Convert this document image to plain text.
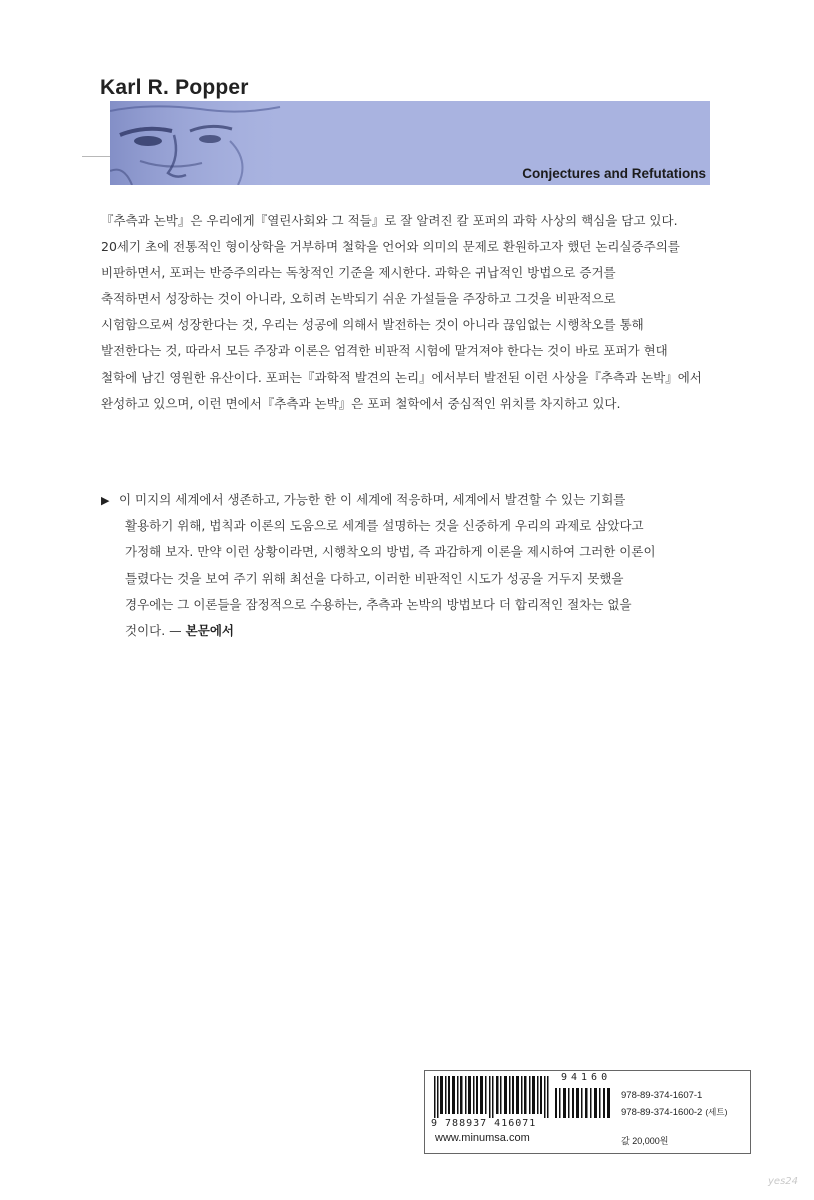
Karl R. Popper
Conjectures and Refutations
『추측과 논박』은 우리에게『열린사회와 그 적들』로 잘 알려진 칼 포퍼의 과학 사상의 핵심을 담고 있다.
20세기 초에 전통적인 형이상학을 거부하며 철학을 언어와 의미의 문제로 환원하고자 했던 논리실증주의를
비판하면서, 포퍼는 반증주의라는 독창적인 기준을 제시한다. 과학은 귀납적인 방법으로 증거를
축적하면서 성장하는 것이 아니라, 오히려 논박되기 쉬운 가설들을 주장하고 그것을 비판적으로
시험함으로써 성장한다는 것, 우리는 성공에 의해서 발전하는 것이 아니라 끊임없는 시행착오를 통해
발전한다는 것, 따라서 모든 주장과 이론은 엄격한 비판적 시험에 맡겨져야 한다는 것이 바로 포퍼가 현대
철학에 남긴 영원한 유산이다. 포퍼는『과학적 발견의 논리』에서부터 발전된 이런 사상을『추측과 논박』에서
완성하고 있으며, 이런 면에서『추측과 논박』은 포퍼 철학에서 중심적인 위치를 차지하고 있다.
▶ 이 미지의 세계에서 생존하고, 가능한 한 이 세계에 적응하며, 세계에서 발견할 수 있는 기회를
활용하기 위해, 법칙과 이론의 도움으로 세계를 설명하는 것을 신중하게 우리의 과제로 삼았다고
가정해 보자. 만약 이런 상황이라면, 시행착오의 방법, 즉 과감하게 이론을 제시하여 그러한 이론이
틀렸다는 것을 보여 주기 위해 최선을 다하고, 이러한 비판적인 시도가 성공을 거두지 못했을
경우에는 그 이론들을 잠정적으로 수용하는, 추측과 논박의 방법보다 더 합리적인 절차는 없을
것이다. — 본문에서
94160
9 788937 416071
978-89-374-1607-1
978-89-374-1600-2 (세트)
www.minumsa.com	값 20,000원
yes24
